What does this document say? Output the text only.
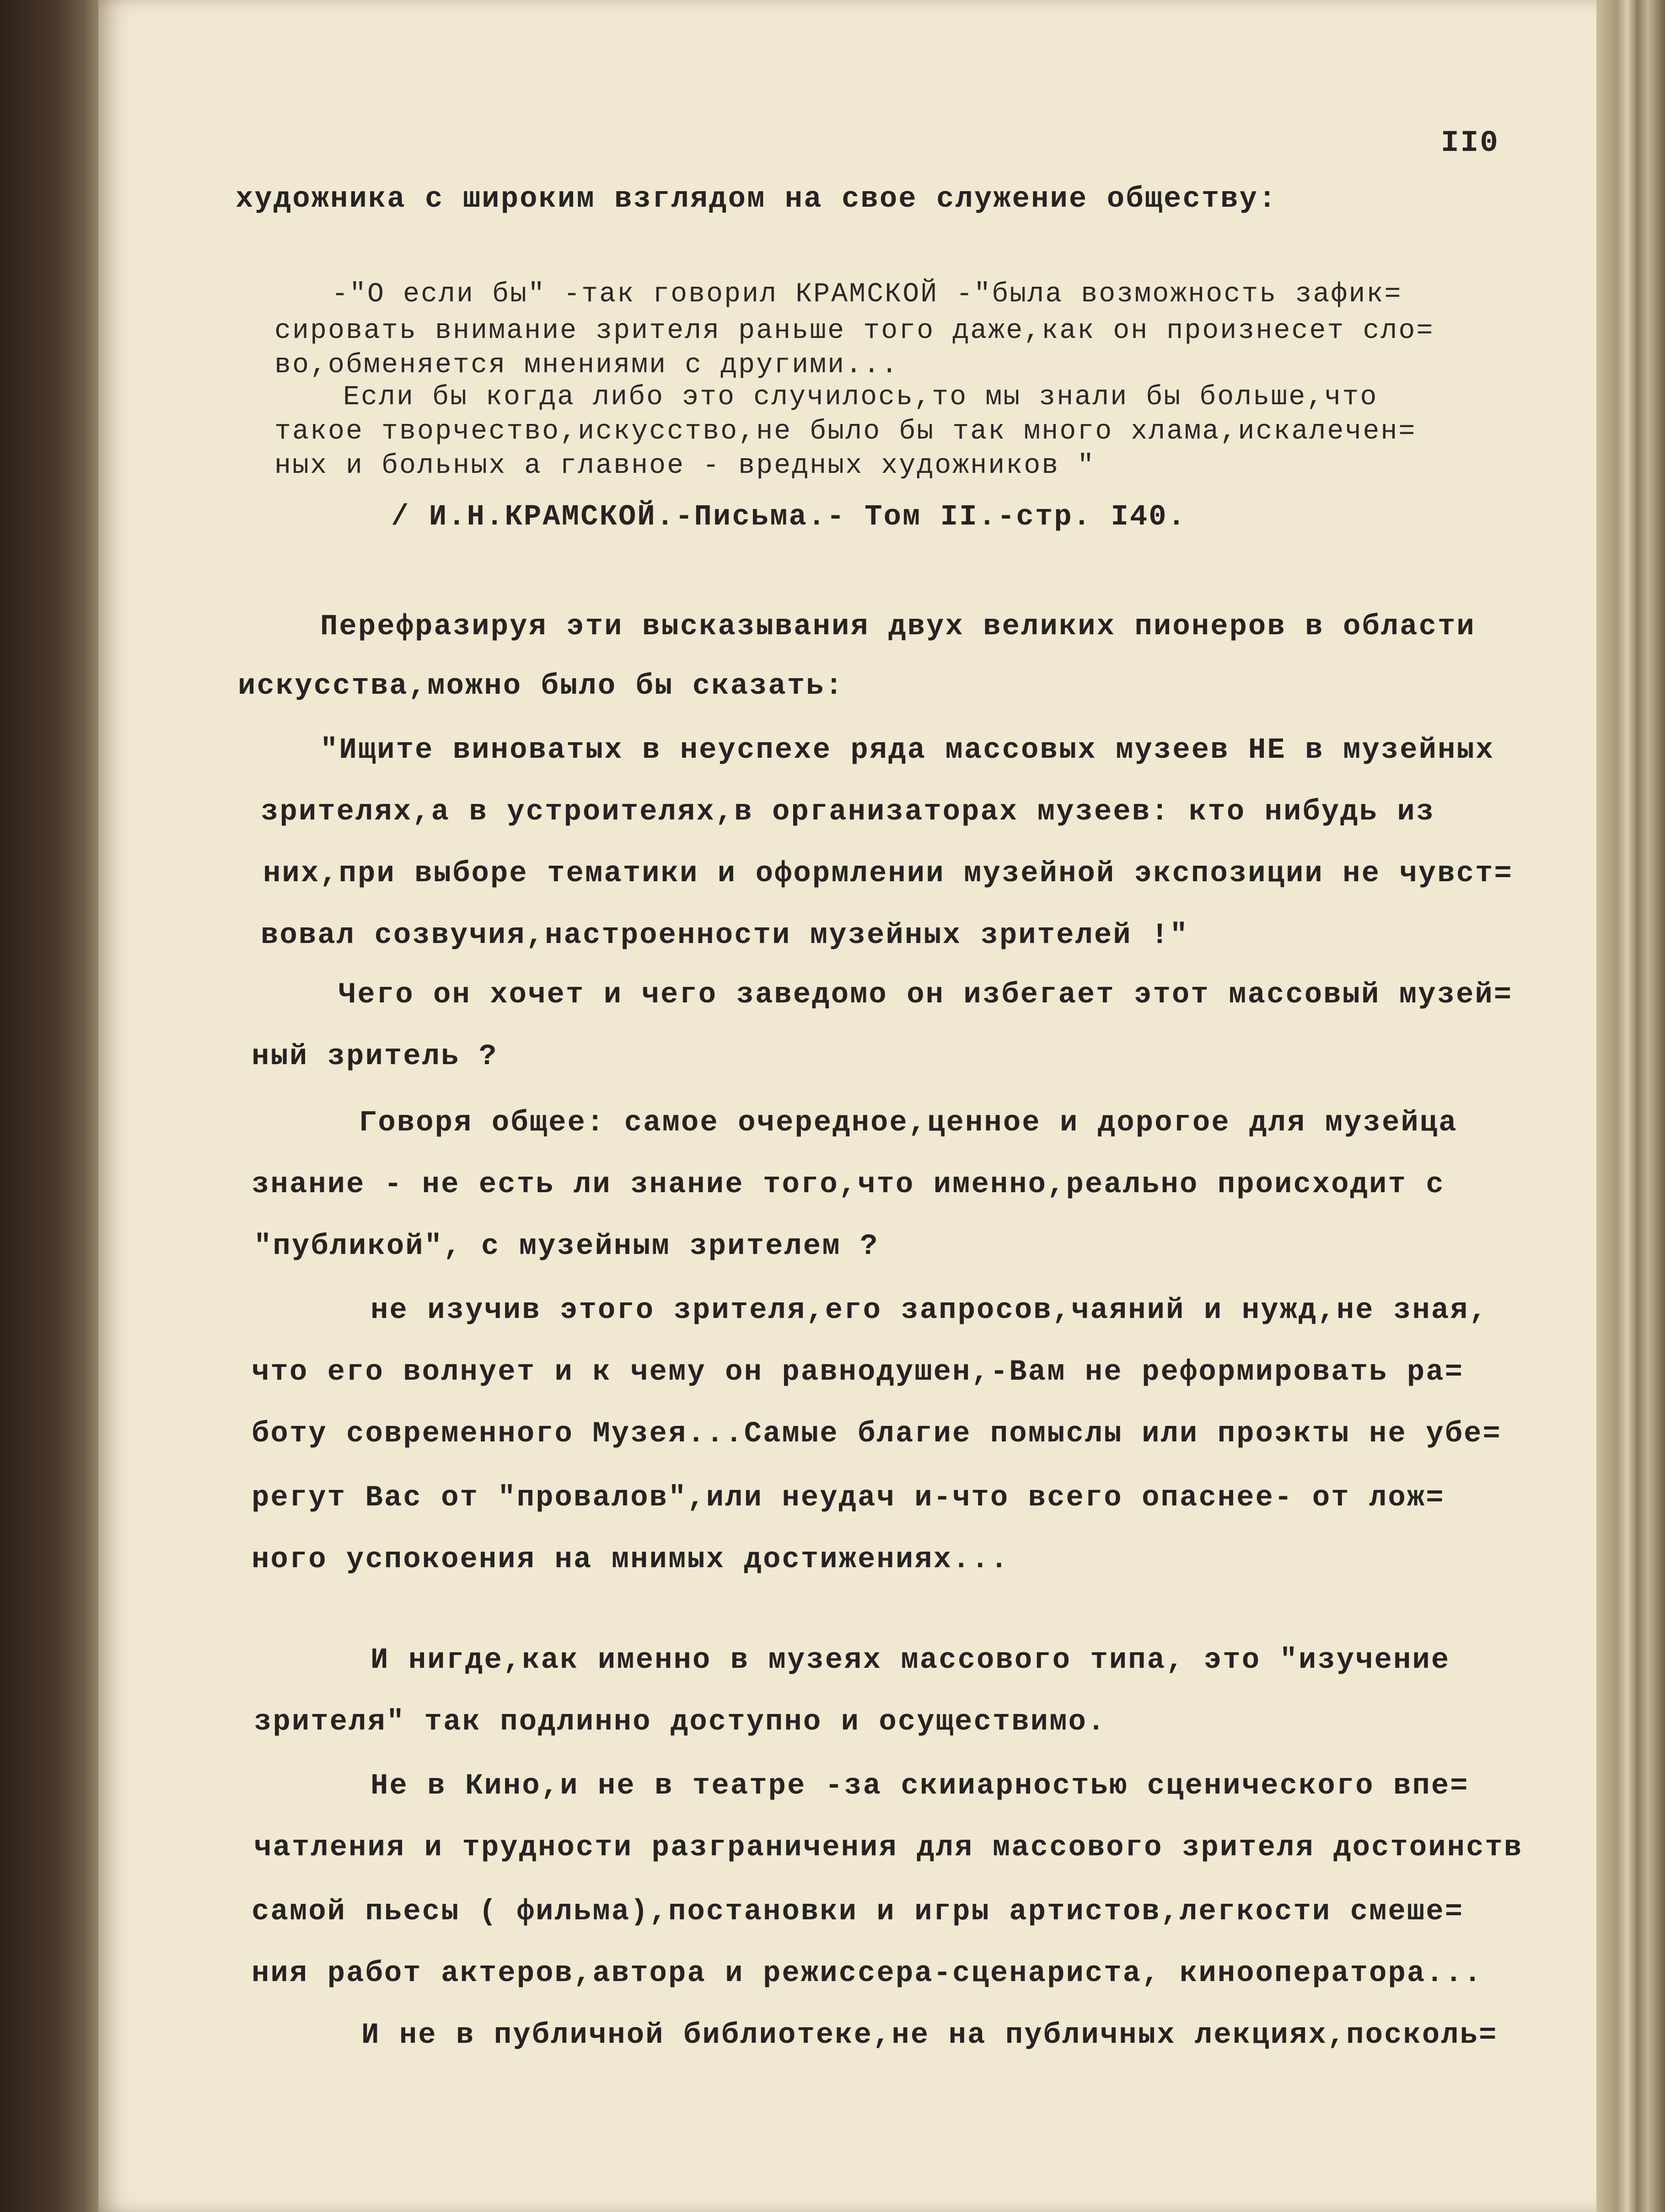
II0
художника с широким взглядом на свое служение обществу:
-"О если бы" -так говорил КРАМСКОЙ -"была возможность зафик=
сировать внимание зрителя раньше того даже,как он произнесет сло=
во,обменяется мнениями с другими...
Если бы когда либо это случилось,то мы знали бы больше,что
такое творчество,искусство,не было бы так много хлама,искалечен=
ных и больных а главное - вредных художников "
/ И.Н.КРАМСКОЙ.-Письма.- Том II.-стр. I40.
Перефразируя эти высказывания двух великих пионеров в области
искусства,можно было бы сказать:
"Ищите виноватых в неуспехе ряда массовых музеев НЕ в музейных
зрителях,а в устроителях,в организаторах музеев: кто нибудь из
них,при выборе тематики и оформлении музейной экспозиции не чувст=
вовал созвучия,настроенности музейных зрителей !"
Чего он хочет и чего заведомо он избегает этот массовый музей=
ный зритель ?
Говоря общее: самое очередное,ценное и дорогое для музейца
знание - не есть ли знание того,что именно,реально происходит с
"публикой", с музейным зрителем ?
не изучив этого зрителя,его запросов,чаяний и нужд,не зная,
что его волнует и к чему он равнодушен,-Вам не реформировать ра=
боту современного Музея...Самые благие помыслы или проэкты не убе=
регут Вас от "провалов",или неудач и-что всего опаснее- от лож=
ного успокоения на мнимых достижениях...
И нигде,как именно в музеях массового типа, это "изучение
зрителя" так подлинно доступно и осуществимо.
Не в Кино,и не в театре -за скииарностью сценического впе=
чатления и трудности разграничения для массового зрителя достоинств
самой пьесы ( фильма),постановки и игры артистов,легкости смеше=
ния работ актеров,автора и режиссера-сценариста, кинооператора...
И не в публичной библиотеке,не на публичных лекциях,посколь=
